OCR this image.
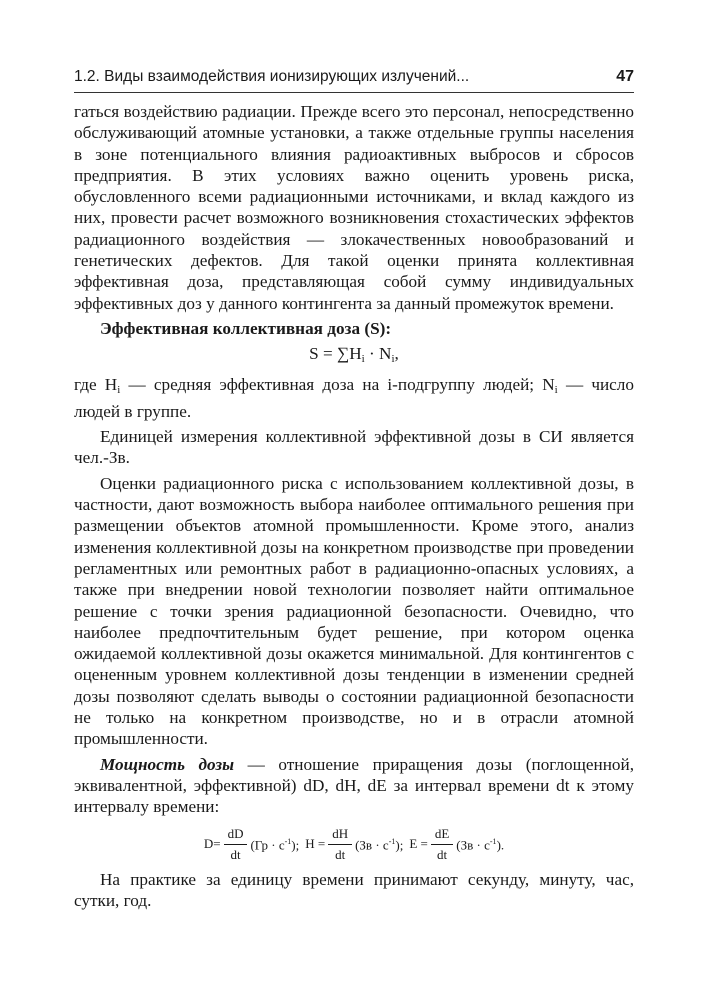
1.2. Виды взаимодействия ионизирующих излучений...	47

гаться воздействию радиации. Прежде всего это персонал, непосредственно обслуживающий атомные установки, а также отдельные группы населения в зоне потенциального влияния радиоактивных выбросов и сбросов предприятия. В этих условиях важно оценить уровень риска, обусловленного всеми радиационными источниками, и вклад каждого из них, провести расчет возможного возникновения стохастических эффектов радиационного воздействия — злокачественных новообразований и генетических дефектов. Для такой оценки принята коллективная эффективная доза, представляющая собой сумму индивидуальных эффективных доз у данного контингента за данный промежуток времени.

Эффективная коллективная доза (S):

$S = \sum H_i \cdot N_i$,

где Hi — средняя эффективная доза на i-подгруппу людей; Ni — число людей в группе.

Единицей измерения коллективной эффективной дозы в СИ является чел.-Зв.

Оценки радиационного риска с использованием коллективной дозы, в частности, дают возможность выбора наиболее оптимального решения при размещении объектов атомной промышленности. Кроме этого, анализ изменения коллективной дозы на конкретном производстве при проведении регламентных или ремонтных работ в радиационно-опасных условиях, а также при внедрении новой технологии позволяет найти оптимальное решение с точки зрения радиационной безопасности. Очевидно, что наиболее предпочтительным будет решение, при котором оценка ожидаемой коллективной дозы окажется минимальной. Для контингентов с оцененным уровнем коллективной дозы тенденции в изменении средней дозы позволяют сделать выводы о состоянии радиационной безопасности не только на конкретном производстве, но и в отрасли атомной промышленности.

Мощность дозы — отношение приращения дозы (поглощенной, эквивалентной, эффективной) dD, dH, dE за интервал времени dt к этому интервалу времени:

$D= \frac{dD}{dt} (Гр \cdot с^{-1})$; $H = \frac{dH}{dt} (Зв \cdot с^{-1})$; $E = \frac{dE}{dt} (Зв \cdot с^{-1})$.

На практике за единицу времени принимают секунду, минуту, час, сутки, год.
